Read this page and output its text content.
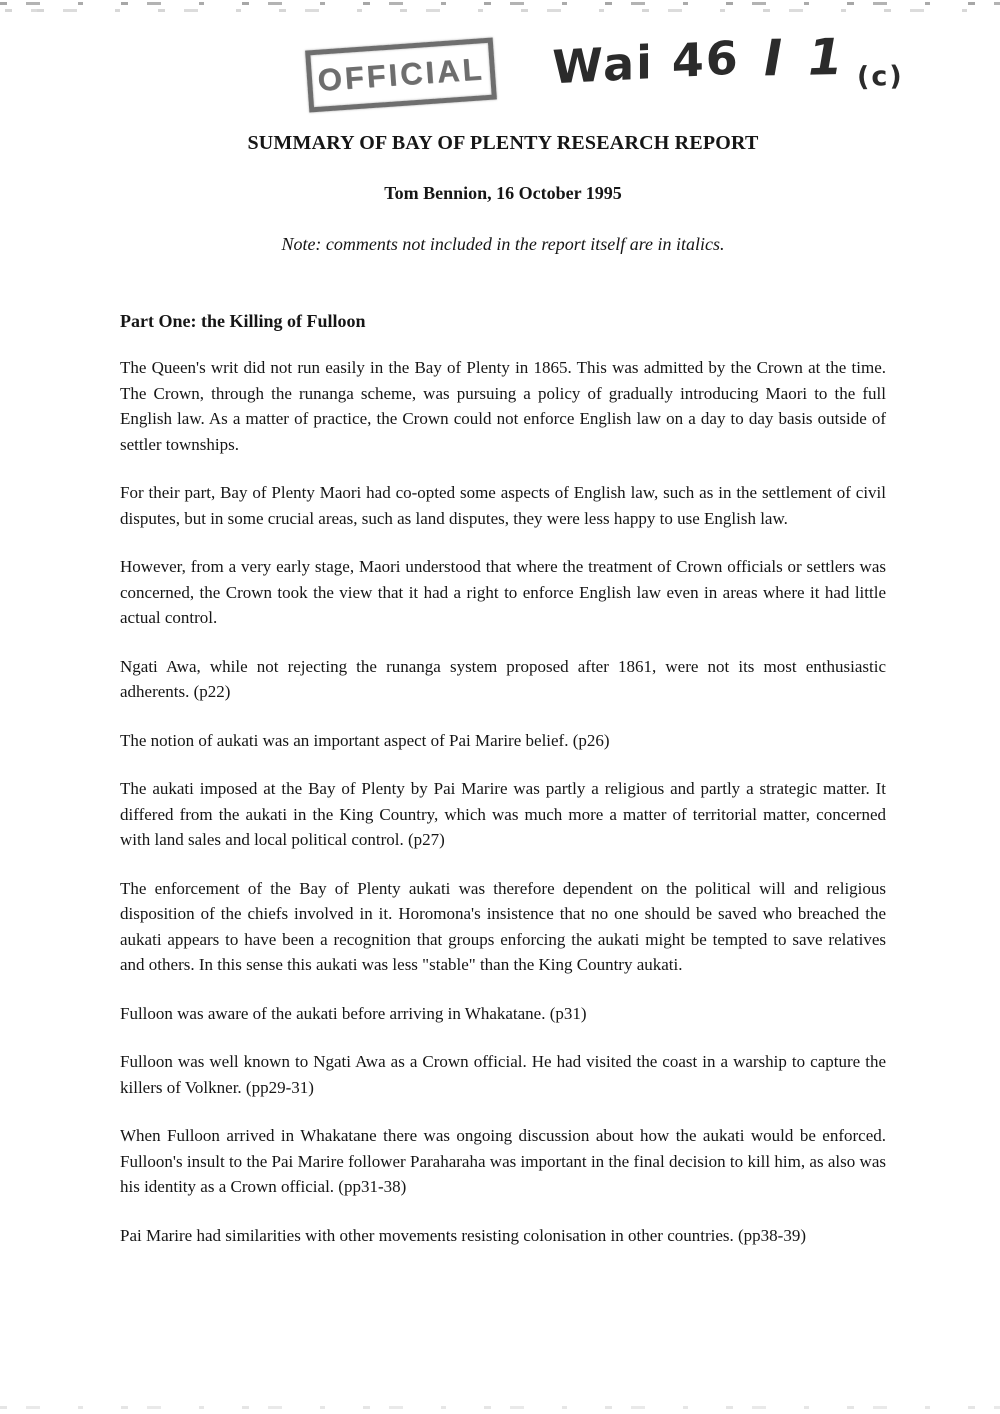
OFFICIAL Wai 46 I 1 (c)
SUMMARY OF BAY OF PLENTY RESEARCH REPORT

Tom Bennion, 16 October 1995

Note: comments not included in the report itself are in italics.

Part One: the Killing of Fulloon

The Queen's writ did not run easily in the Bay of Plenty in 1865. This was admitted by the Crown at the time. The Crown, through the runanga scheme, was pursuing a policy of gradually introducing Maori to the full English law. As a matter of practice, the Crown could not enforce English law on a day to day basis outside of settler townships.

For their part, Bay of Plenty Maori had co-opted some aspects of English law, such as in the settlement of civil disputes, but in some crucial areas, such as land disputes, they were less happy to use English law.

However, from a very early stage, Maori understood that where the treatment of Crown officials or settlers was concerned, the Crown took the view that it had a right to enforce English law even in areas where it had little actual control.

Ngati Awa, while not rejecting the runanga system proposed after 1861, were not its most enthusiastic adherents. (p22)

The notion of aukati was an important aspect of Pai Marire belief. (p26)

The aukati imposed at the Bay of Plenty by Pai Marire was partly a religious and partly a strategic matter. It differed from the aukati in the King Country, which was much more a matter of territorial matter, concerned with land sales and local political control. (p27)

The enforcement of the Bay of Plenty aukati was therefore dependent on the political will and religious disposition of the chiefs involved in it. Horomona's insistence that no one should be saved who breached the aukati appears to have been a recognition that groups enforcing the aukati might be tempted to save relatives and others. In this sense this aukati was less "stable" than the King Country aukati.

Fulloon was aware of the aukati before arriving in Whakatane. (p31)

Fulloon was well known to Ngati Awa as a Crown official. He had visited the coast in a warship to capture the killers of Volkner. (pp29-31)

When Fulloon arrived in Whakatane there was ongoing discussion about how the aukati would be enforced. Fulloon's insult to the Pai Marire follower Paraharaha was important in the final decision to kill him, as also was his identity as a Crown official. (pp31-38)

Pai Marire had similarities with other movements resisting colonisation in other countries. (pp38-39)
